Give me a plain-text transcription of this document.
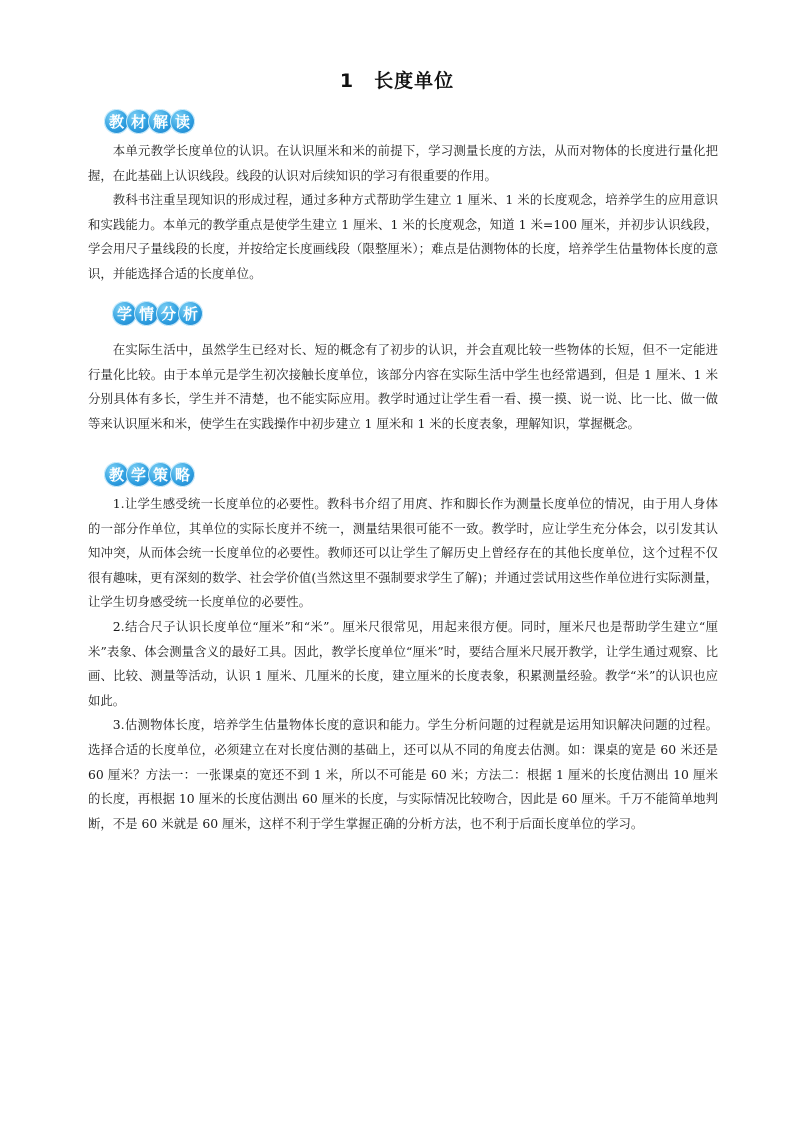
1　长度单位
教 材 解 读

本单元教学长度单位的认识。在认识厘米和米的前提下，学习测量长度的方法，从而对物体的长度进行量化把握，在此基础上认识线段。线段的认识对后续知识的学习有很重要的作用。

教科书注重呈现知识的形成过程，通过多种方式帮助学生建立 1 厘米、1 米的长度观念，培养学生的应用意识和实践能力。本单元的教学重点是使学生建立 1 厘米、1 米的长度观念，知道 1 米=100 厘米，并初步认识线段，学会用尺子量线段的长度，并按给定长度画线段（限整厘米）；难点是估测物体的长度，培养学生估量物体长度的意识，并能选择合适的长度单位。

学 情 分 析

在实际生活中，虽然学生已经对长、短的概念有了初步的认识，并会直观比较一些物体的长短，但不一定能进行量化比较。由于本单元是学生初次接触长度单位，该部分内容在实际生活中学生也经常遇到，但是 1 厘米、1 米分别具体有多长，学生并不清楚，也不能实际应用。教学时通过让学生看一看、摸一摸、说一说、比一比、做一做等来认识厘米和米，使学生在实践操作中初步建立 1 厘米和 1 米的长度表象，理解知识，掌握概念。

教 学 策 略

1.让学生感受统一长度单位的必要性。教科书介绍了用庹、拃和脚长作为测量长度单位的情况，由于用人身体的一部分作单位，其单位的实际长度并不统一，测量结果很可能不一致。教学时，应让学生充分体会，以引发其认知冲突，从而体会统一长度单位的必要性。教师还可以让学生了解历史上曾经存在的其他长度单位，这个过程不仅很有趣味，更有深刻的数学、社会学价值(当然这里不强制要求学生了解)；并通过尝试用这些作单位进行实际测量，让学生切身感受统一长度单位的必要性。

2.结合尺子认识长度单位“厘米”和“米”。厘米尺很常见，用起来很方便。同时，厘米尺也是帮助学生建立“厘米”表象、体会测量含义的最好工具。因此，教学长度单位“厘米”时，要结合厘米尺展开教学，让学生通过观察、比画、比较、测量等活动，认识 1 厘米、几厘米的长度，建立厘米的长度表象，积累测量经验。教学“米”的认识也应如此。

3.估测物体长度，培养学生估量物体长度的意识和能力。学生分析问题的过程就是运用知识解决问题的过程。选择合适的长度单位，必须建立在对长度估测的基础上，还可以从不同的角度去估测。如：课桌的宽是 60 米还是 60 厘米？方法一：一张课桌的宽还不到 1 米，所以不可能是 60 米；方法二：根据 1 厘米的长度估测出 10 厘米的长度，再根据 10 厘米的长度估测出 60 厘米的长度，与实际情况比较吻合，因此是 60 厘米。千万不能简单地判断，不是 60 米就是 60 厘米，这样不利于学生掌握正确的分析方法，也不利于后面长度单位的学习。
